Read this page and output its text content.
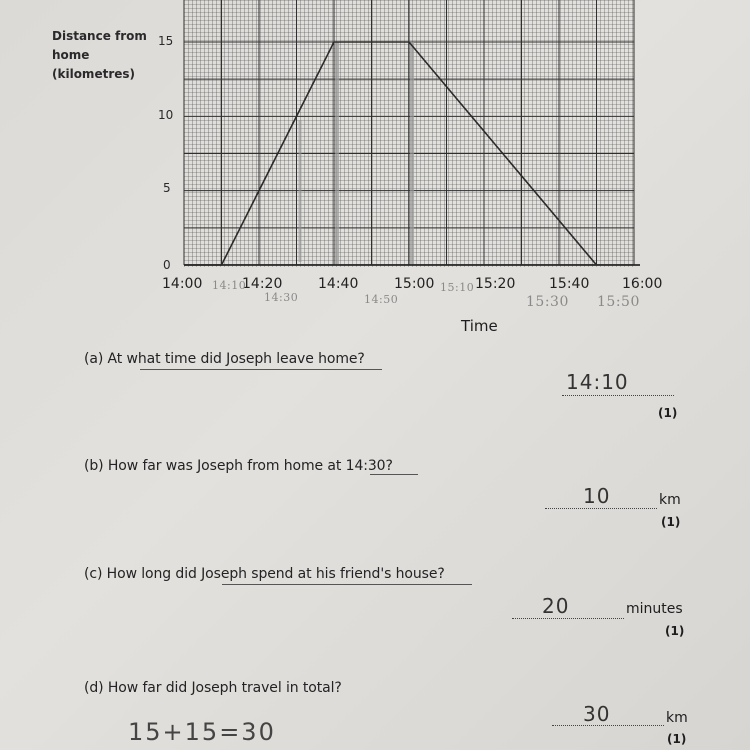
Distance from home (kilometres)
15
10
5
0
14:00	14:20	14:40	15:00	15:20 15:40 16:00
14:10
14:30	14:50
15:10
15:30 15:50
Time
(a) At what time did Joseph leave home?
14:10
(1)
(b) How far was Joseph from home at 14:30?
10	km
(1)
(c) How long did Joseph spend at his friend's house?
20	minutes
(1)
(d) How far did Joseph travel in total?
15+15=30
30	km
(1)
